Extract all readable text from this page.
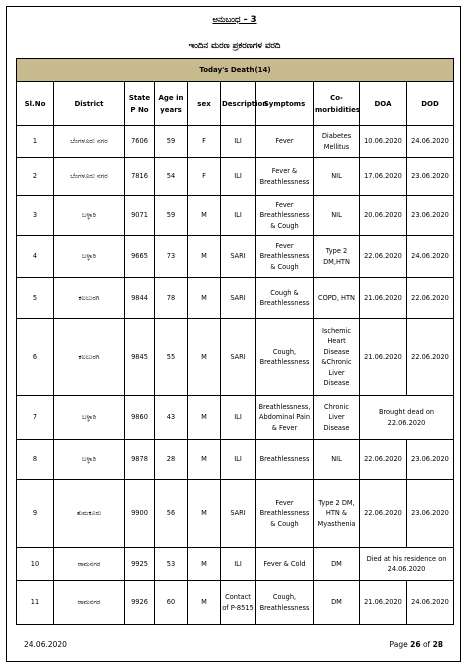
ಅನುಬಂಧ – 3
ಇಂದಿನ ಮರಣ ಪ್ರಕರಣಗಳ ವರದಿ
Today's Death(14)									
Sl.No	District	State P No	Age in years	sex	Description	Symptoms	Co-morbidities	DOA	DOD
1	ಬೆಂಗಳೂರು ನಗರ	7606	59	F	ILI	Fever	Diabetes Mellitus	10.06.2020	24.06.2020
2	ಬೆಂಗಳೂರು ನಗರ	7816	54	F	ILI	Fever & Breathlessness	NIL	17.06.2020	23.06.2020
3	ಬಳ್ಳಾರಿ	9071	59	M	ILI	Fever Breathlessness & Cough	NIL	20.06.2020	23.06.2020
4	ಬಳ್ಳಾರಿ	9665	73	M	SARI	Fever Breathlessness & Cough	Type 2 DM,HTN	22.06.2020	24.06.2020
5	ಕಲಬುರಗಿ	9844	78	M	SARI	Cough & Breathlessness	COPD, HTN	21.06.2020	22.06.2020
6	ಕಲಬುರಗಿ	9845	55	M	SARI	Cough, Breathlessness	Ischemic Heart Disease &Chronic Liver Disease	21.06.2020	22.06.2020
7	ಬಳ್ಳಾರಿ	9860	43	M	ILI	Breathlessness, Abdominal Pain & Fever	Chronic Liver Disease	Brought dead on 22.06.2020	
8	ಬಳ್ಳಾರಿ	9878	28	M	ILI	Breathlessness	NIL	22.06.2020	23.06.2020
9	ತುಮಕೂರು	9900	56	M	SARI	Fever Breathlessness & Cough	Type 2 DM, HTN & Myasthenia	22.06.2020	23.06.2020
10	ರಾಮನಗರ	9925	53	M	ILI	Fever & Cold	DM	Died at his residence on 24.06.2020	
11	ರಾಮನಗರ	9926	60	M	Contact of P-8515	Cough, Breathlessness	DM	21.06.2020	24.06.2020
24.06.2020	Page 26 of 28
